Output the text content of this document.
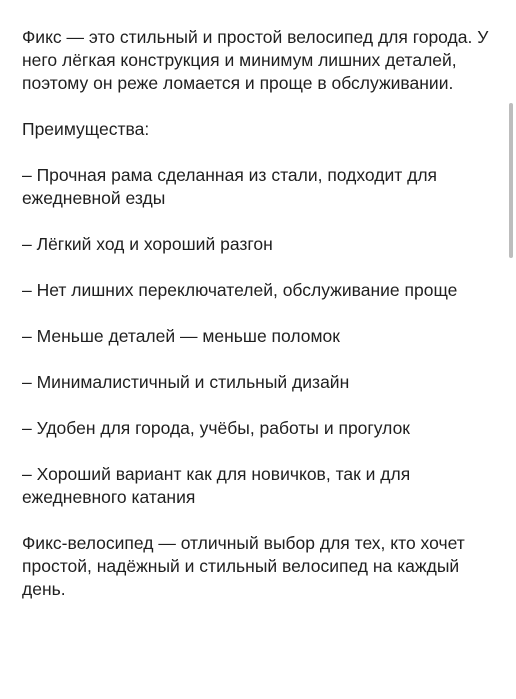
Фикс — это стильный и простой велосипед для города. У него лёгкая конструкция и минимум лишних деталей, поэтому он реже ломается и проще в обслуживании.

Преимущества:

– Прочная рама сделанная из стали, подходит для ежедневной езды

– Лёгкий ход и хороший разгон

– Нет лишних переключателей, обслуживание проще

– Меньше деталей — меньше поломок

– Минималистичный и стильный дизайн

– Удобен для города, учёбы, работы и прогулок

– Хороший вариант как для новичков, так и для ежедневного катания

Фикс-велосипед — отличный выбор для тех, кто хочет простой, надёжный и стильный велосипед на каждый день.
